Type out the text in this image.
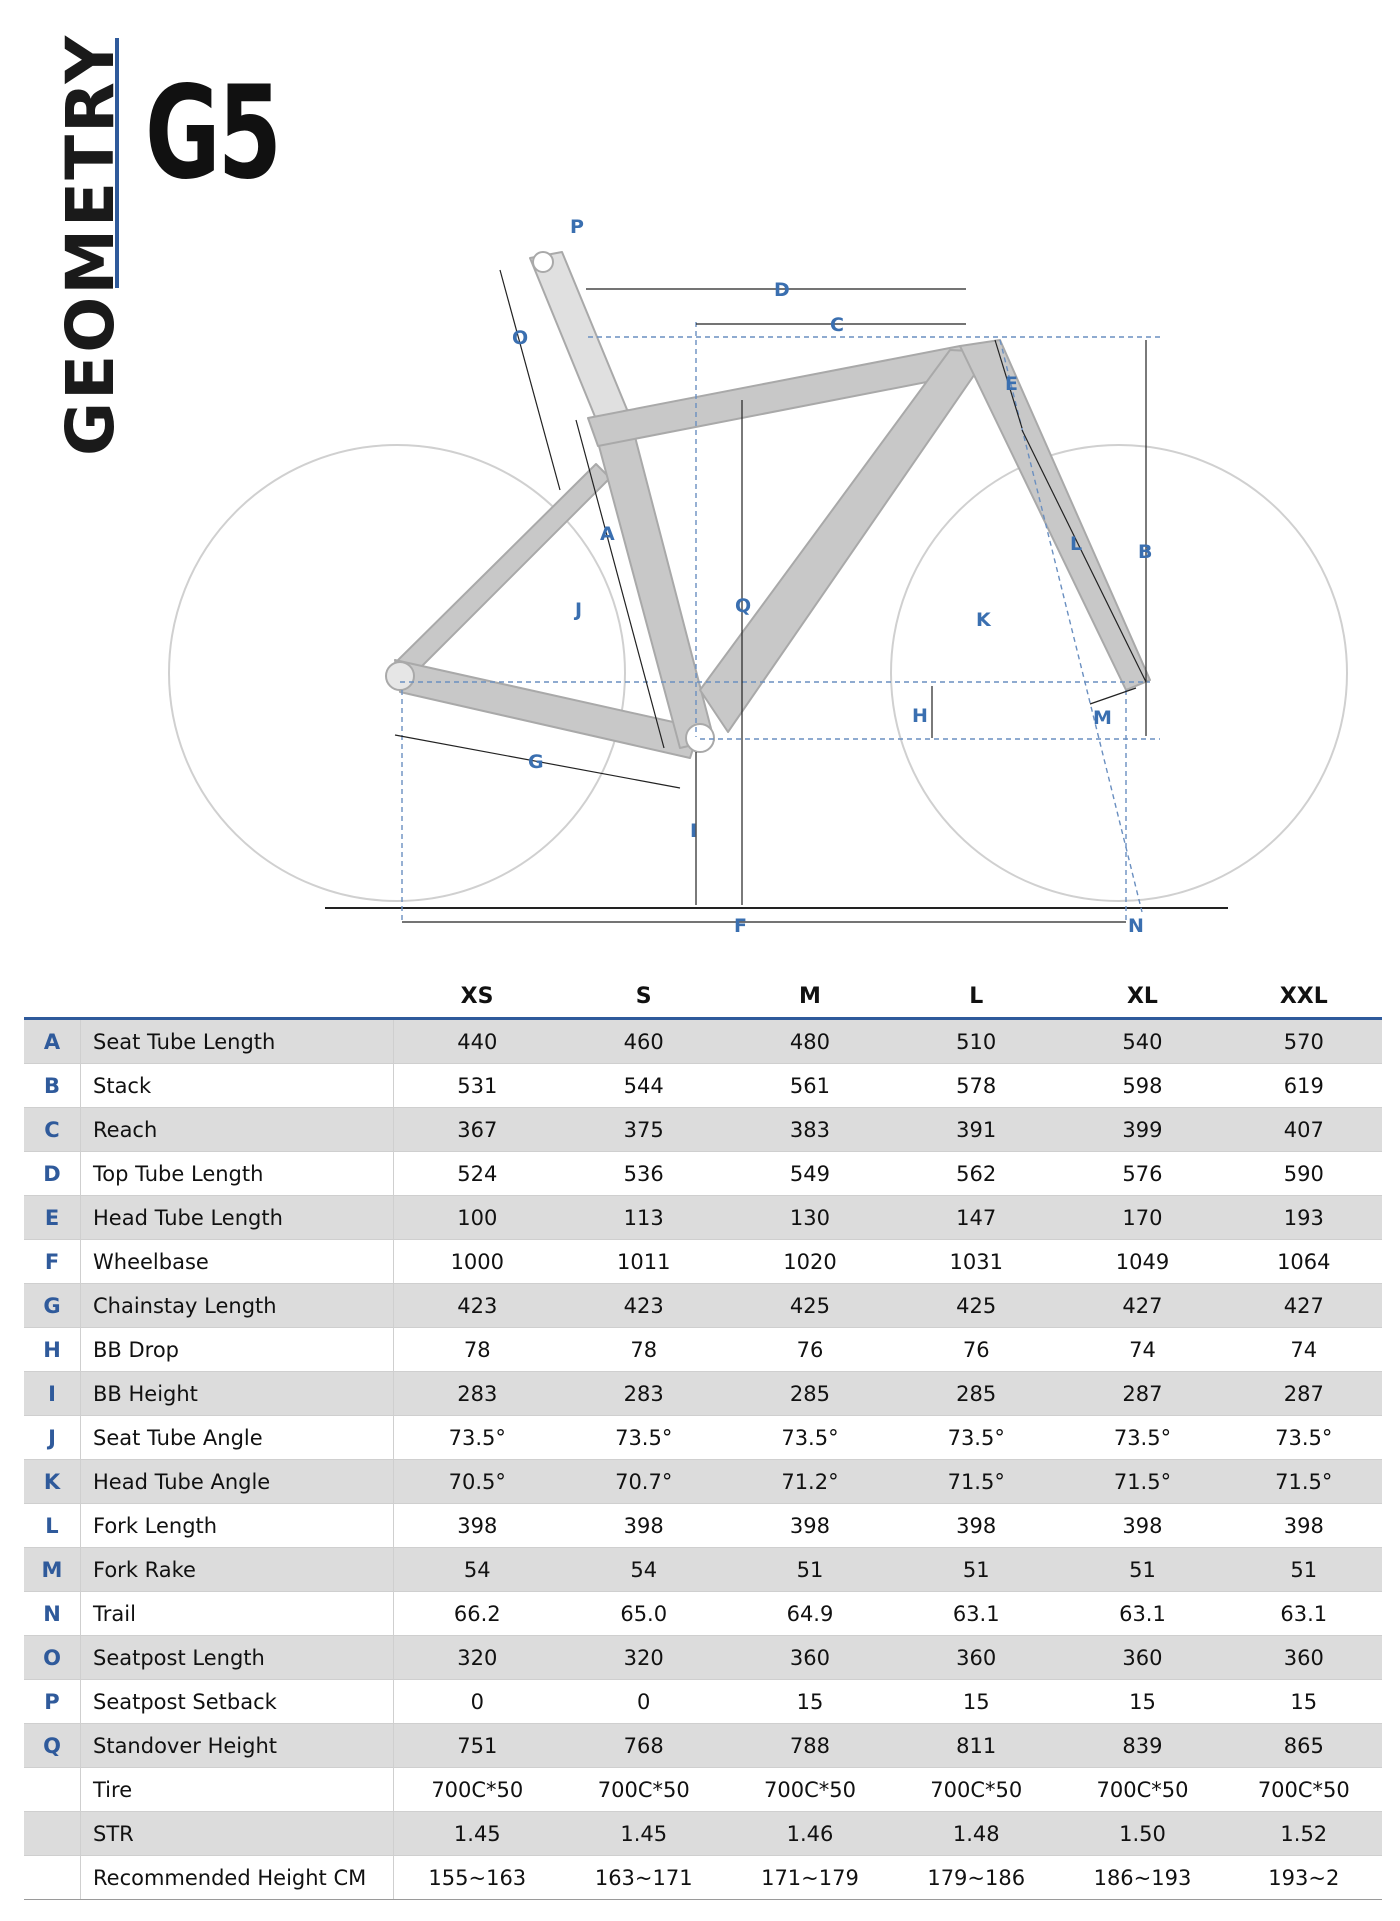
GEOMETRY G5
P
O
D
C
E
A
Q
B
L
J	K
H	M
G
I
F	N
		XS	S	M	L	XL	XXL
A	Seat Tube Length	440	460	480	510	540	570
B	Stack	531	544	561	578	598	619
C	Reach	367	375	383	391	399	407
D	Top Tube Length	524	536	549	562	576	590
E	Head Tube Length	100	113	130	147	170	193
F	Wheelbase	1000	1011	1020	1031	1049	1064
G	Chainstay Length	423	423	425	425	427	427
H	BB Drop	78	78	76	76	74	74
I	BB Height	283	283	285	285	287	287
J	Seat Tube Angle	73.5°	73.5°	73.5°	73.5°	73.5°	73.5°
K	Head Tube Angle	70.5°	70.7°	71.2°	71.5°	71.5°	71.5°
L	Fork Length	398	398	398	398	398	398
M	Fork Rake	54	54	51	51	51	51
N	Trail	66.2	65.0	64.9	63.1	63.1	63.1
O	Seatpost Length	320	320	360	360	360	360
P	Seatpost Setback	0	0	15	15	15	15
Q	Standover Height	751	768	788	811	839	865
	Tire	700C*50	700C*50	700C*50	700C*50	700C*50	700C*50
	STR	1.45	1.45	1.46	1.48	1.50	1.52
	Recommended Height CM	155~163	163~171	171~179	179~186	186~193	193~2
